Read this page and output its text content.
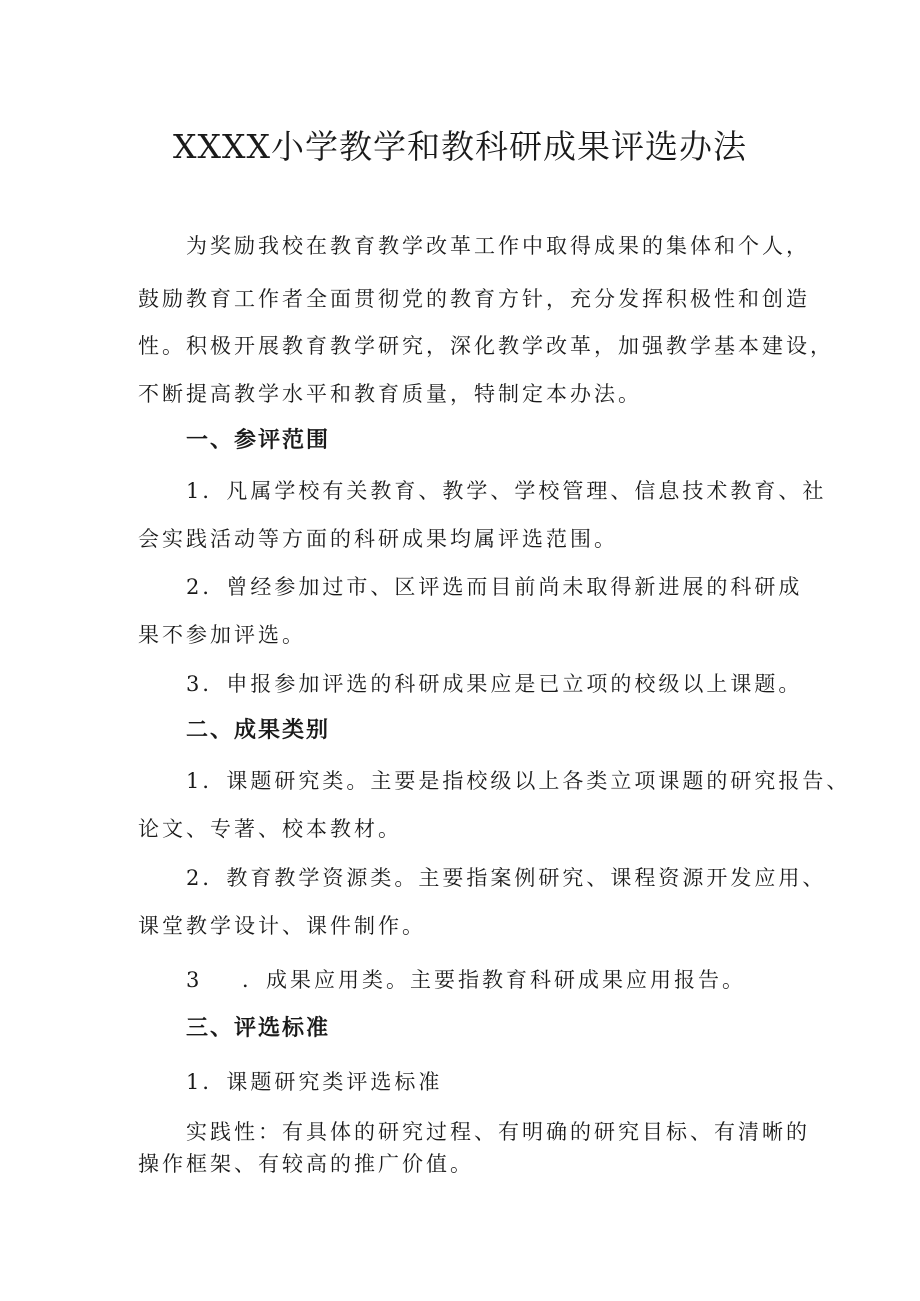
XXXX小学教学和教科研成果评选办法
为奖励我校在教育教学改革工作中取得成果的集体和个人，
鼓励教育工作者全面贯彻党的教育方针，充分发挥积极性和创造
性。积极开展教育教学研究，深化教学改革，加强教学基本建设，
不断提高教学水平和教育质量，特制定本办法。
一、参评范围
1．凡属学校有关教育、教学、学校管理、信息技术教育、社
会实践活动等方面的科研成果均属评选范围。
2．曾经参加过市、区评选而目前尚未取得新进展的科研成
果不参加评选。
3．申报参加评选的科研成果应是已立项的校级以上课题。
二、成果类别
1．课题研究类。主要是指校级以上各类立项课题的研究报告、
论文、专著、校本教材。
2．教育教学资源类。主要指案例研究、课程资源开发应用、
课堂教学设计、课件制作。
3 ．成果应用类。主要指教育科研成果应用报告。
三、评选标准
1．课题研究类评选标准
实践性：有具体的研究过程、有明确的研究目标、有清晰的
操作框架、有较高的推广价值。
